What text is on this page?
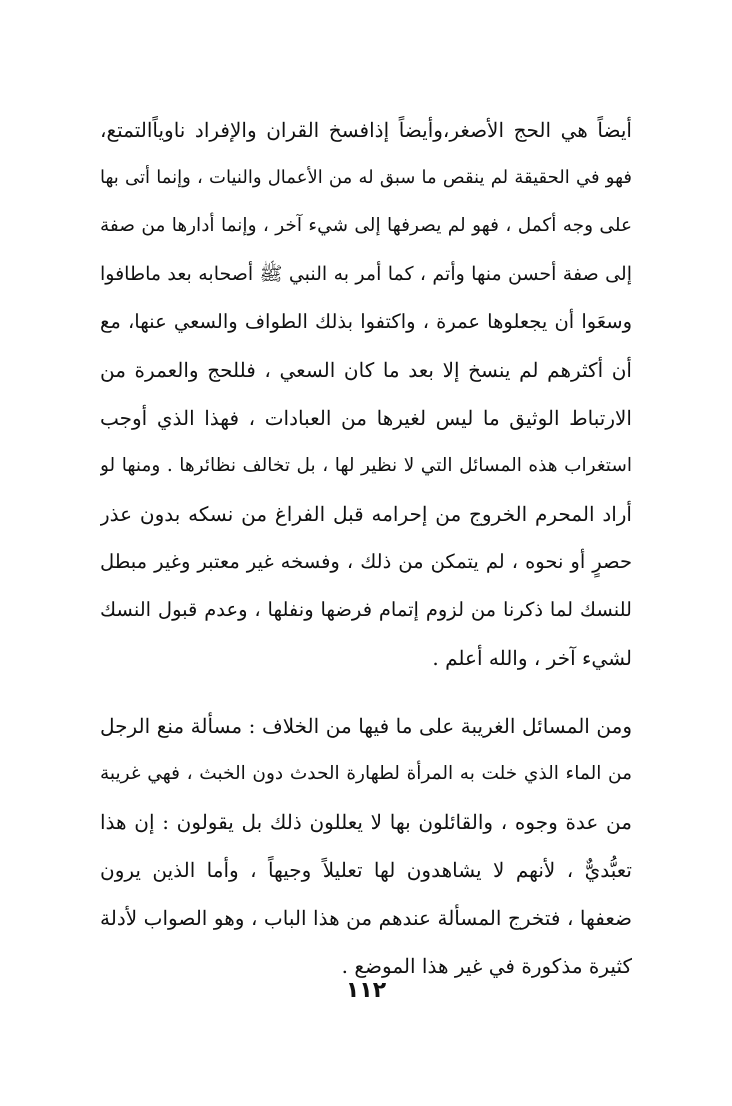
أيضاً هي الحج الأصغر،وأيضاً إذافسخ القران والإفراد ناوياًالتمتع،
فهو في الحقيقة لم ينقص ما سبق له من الأعمال والنيات ، وإنما أتى بها
على وجه أكمل ، فهو لم يصرفها إلى شيء آخر ، وإنما أدارها من صفة
إلى صفة أحسن منها وأتم ، كما أمر به النبي ﷺ أصحابه بعد ماطافوا
وسعَوا أن يجعلوها عمرة ، واكتفوا بذلك الطواف والسعي عنها، مع
أن أكثرهم لم ينسخ إلا بعد ما كان السعي ، فللحج والعمرة من
الارتباط الوثيق ما ليس لغيرها من العبادات ، فهذا الذي أوجب
استغراب هذه المسائل التي لا نظير لها ، بل تخالف نظائرها . ومنها لو
أراد المحرم الخروج من إحرامه قبل الفراغ من نسكه بدون عذر
حصرٍ أو نحوه ، لم يتمكن من ذلك ، وفسخه غير معتبر وغير مبطل
للنسك لما ذكرنا من لزوم إتمام فرضها ونفلها ، وعدم قبول النسك
لشيء آخر ، والله أعلم .
ومن المسائل الغريبة على ما فيها من الخلاف : مسألة منع الرجل
من الماء الذي خلت به المرأة لطهارة الحدث دون الخبث ، فهي غريبة
من عدة وجوه ، والقائلون بها لا يعللون ذلك بل يقولون : إن هذا
تعبُّديٌّ ، لأنهم لا يشاهدون لها تعليلاً وجيهاً ، وأما الذين يرون
ضعفها ، فتخرج المسألة عندهم من هذا الباب ، وهو الصواب لأدلة
كثيرة مذكورة في غير هذا الموضع .
١١٢
